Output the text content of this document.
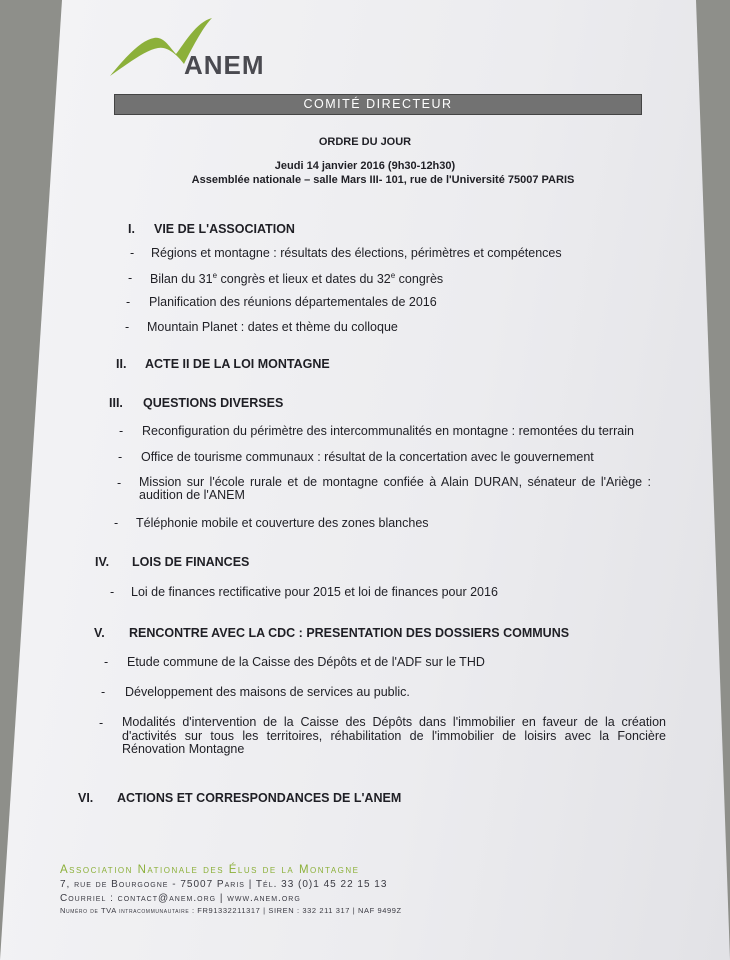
ANEM
COMITÉ DIRECTEUR
ORDRE DU JOUR
Jeudi 14 janvier 2016 (9h30-12h30)
Assemblée nationale – salle Mars III- 101, rue de l'Université 75007 PARIS
I. VIE DE L'ASSOCIATION
- Régions et montagne : résultats des élections, périmètres et compétences
- Bilan du 31e congrès et lieux et dates du 32e congrès
- Planification des réunions départementales de 2016
- Mountain Planet : dates et thème du colloque
II. ACTE II DE LA LOI MONTAGNE
III. QUESTIONS DIVERSES
- Reconfiguration du périmètre des intercommunalités en montagne : remontées du terrain
- Office de tourisme communaux : résultat de la concertation avec le gouvernement
- Mission sur l'école rurale et de montagne confiée à Alain DURAN, sénateur de l'Ariège : audition de l'ANEM
- Téléphonie mobile et couverture des zones blanches
IV. LOIS DE FINANCES
- Loi de finances rectificative pour 2015 et loi de finances pour 2016
V. RENCONTRE AVEC LA CDC : PRESENTATION DES DOSSIERS COMMUNS
- Etude commune de la Caisse des Dépôts et de l'ADF sur le THD
- Développement des maisons de services au public.
- Modalités d'intervention de la Caisse des Dépôts dans l'immobilier en faveur de la création d'activités sur tous les territoires, réhabilitation de l'immobilier de loisirs avec la Foncière Rénovation Montagne
VI. ACTIONS ET CORRESPONDANCES DE L'ANEM
Association Nationale des Élus de la Montagne
7, rue de Bourgogne - 75007 Paris | Tél. 33 (0)1 45 22 15 13
Courriel : contact@anem.org | www.anem.org
Numéro de TVA intracommunautaire : FR91332211317 | SIREN : 332 211 317 | NAF 9499Z
